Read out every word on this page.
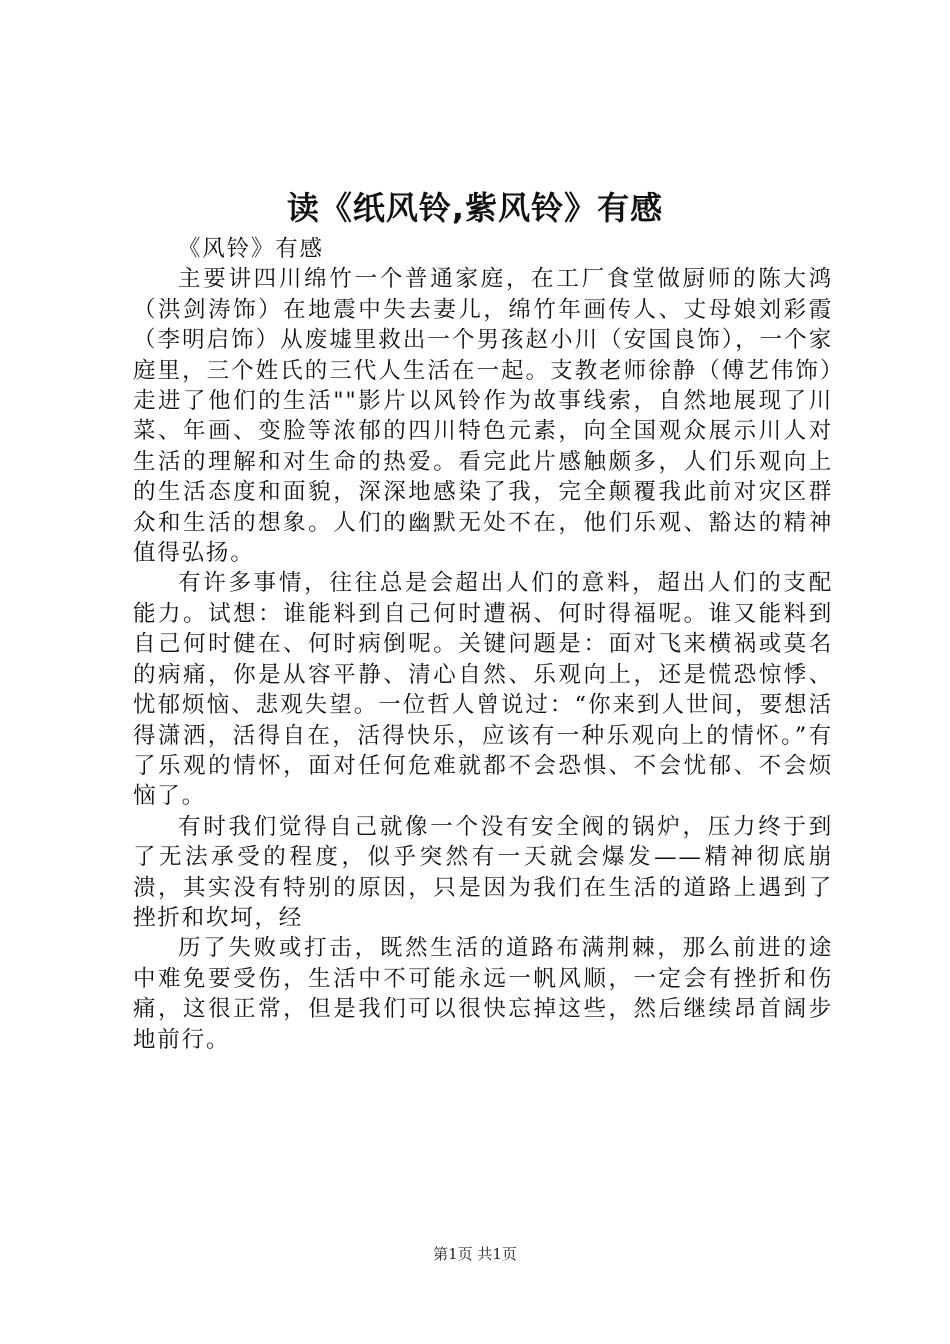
读《纸风铃,紫风铃》有感
《风铃》有感

主要讲四川绵竹一个普通家庭，在工厂食堂做厨师的陈大鸿（洪剑涛饰）在地震中失去妻儿，绵竹年画传人、丈母娘刘彩霞（李明启饰）从废墟里救出一个男孩赵小川（安国良饰），一个家庭里，三个姓氏的三代人生活在一起。支教老师徐静（傅艺伟饰）走进了他们的生活""影片以风铃作为故事线索，自然地展现了川菜、年画、变脸等浓郁的四川特色元素，向全国观众展示川人对生活的理解和对生命的热爱。看完此片感触颇多，人们乐观向上的生活态度和面貌，深深地感染了我，完全颠覆我此前对灾区群众和生活的想象。人们的幽默无处不在，他们乐观、豁达的精神值得弘扬。

有许多事情，往往总是会超出人们的意料，超出人们的支配能力。试想：谁能料到自己何时遭祸、何时得福呢。谁又能料到自己何时健在、何时病倒呢。关键问题是：面对飞来横祸或莫名的病痛，你是从容平静、清心自然、乐观向上，还是慌恐惊悸、忧郁烦恼、悲观失望。一位哲人曾说过：“你来到人世间，要想活得潇洒，活得自在，活得快乐，应该有一种乐观向上的情怀。”有了乐观的情怀，面对任何危难就都不会恐惧、不会忧郁、不会烦恼了。

有时我们觉得自己就像一个没有安全阀的锅炉，压力终于到了无法承受的程度，似乎突然有一天就会爆发——精神彻底崩溃，其实没有特别的原因，只是因为我们在生活的道路上遇到了挫折和坎坷，经

历了失败或打击，既然生活的道路布满荆棘，那么前进的途中难免要受伤，生活中不可能永远一帆风顺，一定会有挫折和伤痛，这很正常，但是我们可以很快忘掉这些，然后继续昂首阔步地前行。

第1页 共1页
